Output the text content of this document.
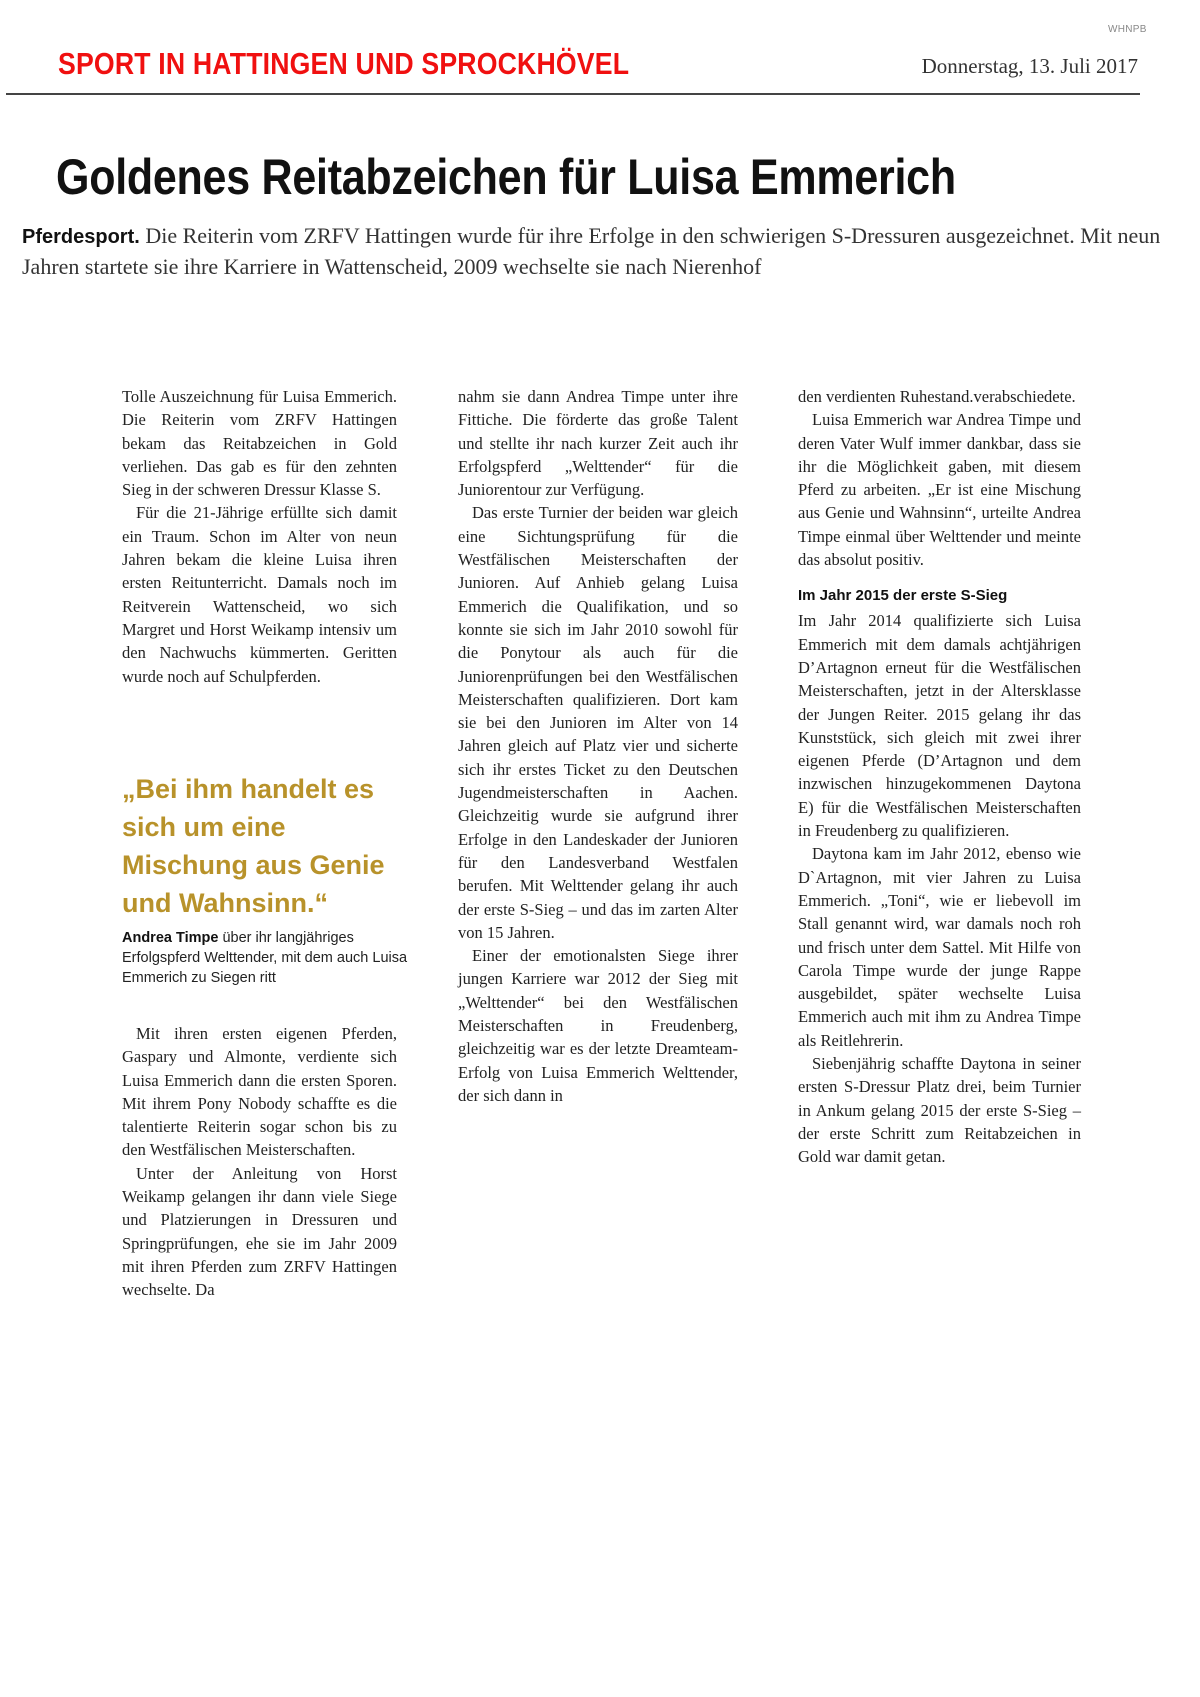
WHNPB
SPORT IN HATTINGEN UND SPROCKHÖVEL	Donnerstag, 13. Juli 2017
Goldenes Reitabzeichen für Luisa Emmerich
Pferdesport. Die Reiterin vom ZRFV Hattingen wurde für ihre Erfolge in den schwierigen S-Dressuren ausgezeichnet. Mit neun Jahren startete sie ihre Karriere in Wattenscheid, 2009 wechselte sie nach Nierenhof

Tolle Auszeichnung für Luisa Emmerich. Die Reiterin vom ZRFV Hattingen bekam das Reitabzeichen in Gold verliehen. Das gab es für den zehnten Sieg in der schweren Dressur Klasse S.

Für die 21-Jährige erfüllte sich damit ein Traum. Schon im Alter von neun Jahren bekam die kleine Luisa ihren ersten Reitunterricht. Damals noch im Reitverein Wattenscheid, wo sich Margret und Horst Weikamp intensiv um den Nachwuchs kümmerten. Geritten wurde noch auf Schulpferden.

„Bei ihm handelt es sich um eine Mischung aus Genie und Wahnsinn.“
Andrea Timpe über ihr langjähriges Erfolgspferd Welttender, mit dem auch Luisa Emmerich zu Siegen ritt

Mit ihren ersten eigenen Pferden, Gaspary und Almonte, verdiente sich Luisa Emmerich dann die ersten Sporen. Mit ihrem Pony Nobody schaffte es die talentierte Reiterin sogar schon bis zu den Westfälischen Meisterschaften.

Unter der Anleitung von Horst Weikamp gelangen ihr dann viele Siege und Platzierungen in Dressuren und Springprüfungen, ehe sie im Jahr 2009 mit ihren Pferden zum ZRFV Hattingen wechselte. Da

nahm sie dann Andrea Timpe unter ihre Fittiche. Die förderte das große Talent und stellte ihr nach kurzer Zeit auch ihr Erfolgspferd „Welttender“ für die Juniorentour zur Verfügung.

Das erste Turnier der beiden war gleich eine Sichtungsprüfung für die Westfälischen Meisterschaften der Junioren. Auf Anhieb gelang Luisa Emmerich die Qualifikation, und so konnte sie sich im Jahr 2010 sowohl für die Ponytour als auch für die Juniorenprüfungen bei den Westfälischen Meisterschaften qualifizieren. Dort kam sie bei den Junioren im Alter von 14 Jahren gleich auf Platz vier und sicherte sich ihr erstes Ticket zu den Deutschen Jugendmeisterschaften in Aachen. Gleichzeitig wurde sie aufgrund ihrer Erfolge in den Landeskader der Junioren für den Landesverband Westfalen berufen. Mit Welttender gelang ihr auch der erste S-Sieg – und das im zarten Alter von 15 Jahren.

Einer der emotionalsten Siege ihrer jungen Karriere war 2012 der Sieg mit „Welttender“ bei den Westfälischen Meisterschaften in Freudenberg, gleichzeitig war es der letzte Dreamteam-Erfolg von Luisa Emmerich Welttender, der sich dann in

den verdienten Ruhestand.verabschiedete.

Luisa Emmerich war Andrea Timpe und deren Vater Wulf immer dankbar, dass sie ihr die Möglichkeit gaben, mit diesem Pferd zu arbeiten. „Er ist eine Mischung aus Genie und Wahnsinn“, urteilte Andrea Timpe einmal über Welttender und meinte das absolut positiv.

Im Jahr 2015 der erste S-Sieg

Im Jahr 2014 qualifizierte sich Luisa Emmerich mit dem damals achtjährigen D’Artagnon erneut für die Westfälischen Meisterschaften, jetzt in der Altersklasse der Jungen Reiter. 2015 gelang ihr das Kunststück, sich gleich mit zwei ihrer eigenen Pferde (D’Artagnon und dem inzwischen hinzugekommenen Daytona E) für die Westfälischen Meisterschaften in Freudenberg zu qualifizieren.

Daytona kam im Jahr 2012, ebenso wie D`Artagnon, mit vier Jahren zu Luisa Emmerich. „Toni“, wie er liebevoll im Stall genannt wird, war damals noch roh und frisch unter dem Sattel. Mit Hilfe von Carola Timpe wurde der junge Rappe ausgebildet, später wechselte Luisa Emmerich auch mit ihm zu Andrea Timpe als Reitlehrerin.

Siebenjährig schaffte Daytona in seiner ersten S-Dressur Platz drei, beim Turnier in Ankum gelang 2015 der erste S-Sieg – der erste Schritt zum Reitabzeichen in Gold war damit getan.
